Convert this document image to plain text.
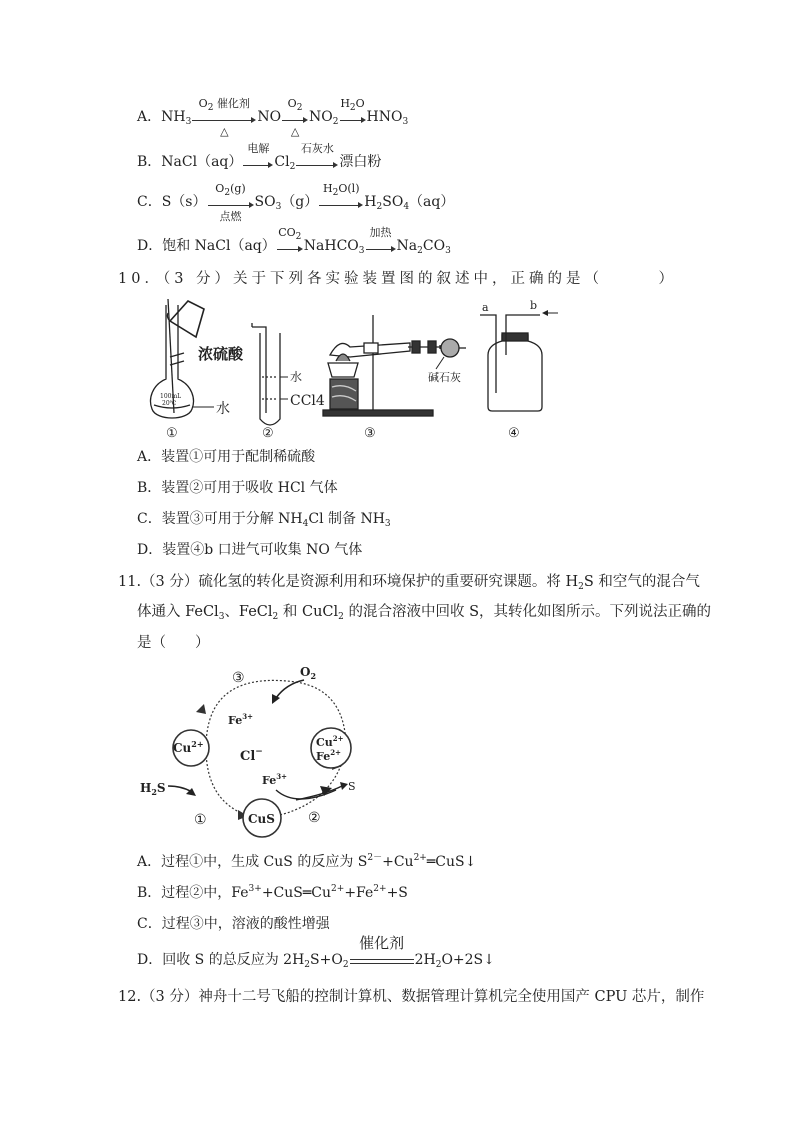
A．$NH_3$
$O_2$ 催化剂
△
NO
$O_2$
△
$NO_2$
$H_2O$
$HNO_3$
B．NaCl（aq）
电解
$Cl_2$
石灰水
漂白粉
C．S（s）
$O_2(g)$
点燃
$SO_3(g)$
$H_2O(l)$
$H_2SO_4(aq)$
D．饱和 NaCl（aq）
$CO_2$
NaHCO$_3$
加热
$Na_2CO_3$
10．（3 分）关于下列各实验装置图的叙述中，正确的是（　　　）
浓硫酸
100mL
20℃	水
①
水
CCl4
②
碱石灰
③
a	b
④
A．装置①可用于配制稀硫酸
B．装置②可用于吸收 HCl 气体
C．装置③可用于分解 $NH_4Cl$ 制备 $NH_3$
D．装置④b 口进气可收集 NO 气体
11.（3 分）硫化氢的转化是资源利用和环境保护的重要研究课题。将 $H_2S$ 和空气的混合气
体通入 FeCl$_3$、FeCl$_2$ 和 CuCl$_2$ 的混合溶液中回收 S，其转化如图所示。下列说法正确的
是（　　）
$Cu^{2+}$	$Cu^{2+}$
$Fe^{2+}$
CuS
Cl−
$O_2$
$Fe^{3+}$
$H_2S$
$Fe^{3+}$
S
①	②
③
A．过程①中，生成 CuS 的反应为 $S^{2-}+Cu^{2+}═CuS↓$
B．过程②中，$Fe^{3+}+CuS═Cu^{2+}+Fe^{2+}+S$
C．过程③中，溶液的酸性增强
D．回收 S 的总反应为 $2H_2S+O_2$
催化剂
$2H_2O+2S↓$
12.（3 分）神舟十二号飞船的控制计算机、数据管理计算机完全使用国产 CPU 芯片，制作
